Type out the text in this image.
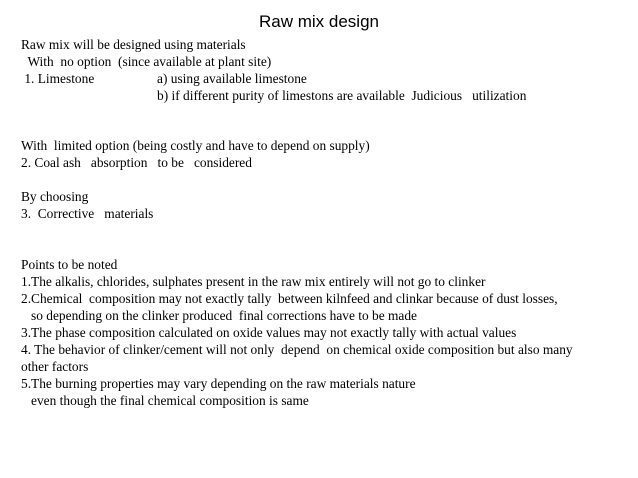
Raw mix design
Raw mix will be designed using materials
With  no option  (since available at plant site)
1. Limestone	a) using available limestone
b) if different purity of limestons are available  Judicious   utilization
With  limited option (being costly and have to depend on supply)
2. Coal ash   absorption   to be   considered
By choosing
3.  Corrective   materials
Points to be noted
1.The alkalis, chlorides, sulphates present in the raw mix entirely will not go to clinker
2.Chemical  composition may not exactly tally  between kilnfeed and clinkar because of dust losses,
so depending on the clinker produced  final corrections have to be made
3.The phase composition calculated on oxide values may not exactly tally with actual values
4. The behavior of clinker/cement will not only  depend  on chemical oxide composition but also many
other factors
5.The burning properties may vary depending on the raw materials nature
even though the final chemical composition is same
